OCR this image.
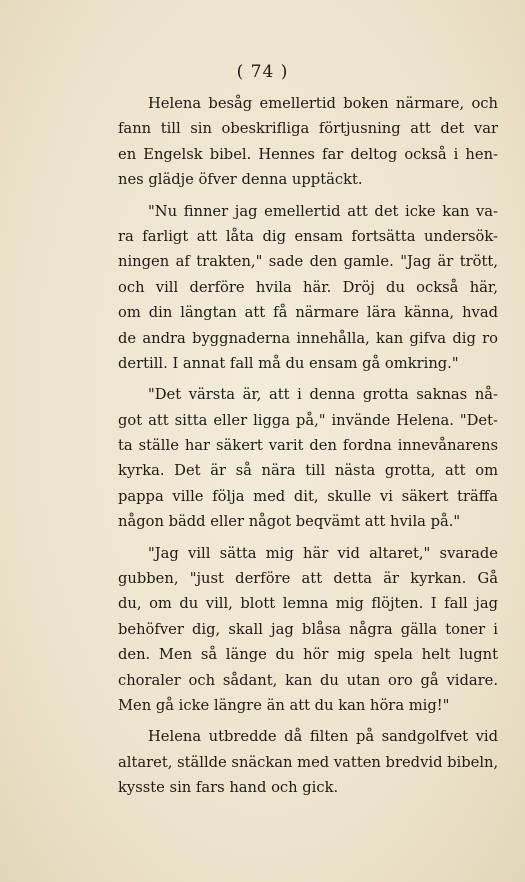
( 74 )
Helena besåg emellertid boken närmare, och
fann till sin obeskrifliga förtjusning att det var
en Engelsk bibel. Hennes far deltog också i hen-
nes glädje öfver denna upptäckt.
"Nu finner jag emellertid att det icke kan va-
ra farligt att låta dig ensam fortsätta undersök-
ningen af trakten," sade den gamle. "Jag är trött,
och vill derföre hvila här. Dröj du också här,
om din längtan att få närmare lära känna, hvad
de andra byggnaderna innehålla, kan gifva dig ro
dertill. I annat fall må du ensam gå omkring."
"Det värsta är, att i denna grotta saknas nå-
got att sitta eller ligga på," invände Helena. "Det-
ta ställe har säkert varit den fordna innevånarens
kyrka. Det är så nära till nästa grotta, att om
pappa ville följa med dit, skulle vi säkert träffa
någon bädd eller något beqvämt att hvila på."
"Jag vill sätta mig här vid altaret," svarade
gubben, "just derföre att detta är kyrkan. Gå
du, om du vill, blott lemna mig flöjten. I fall jag
behöfver dig, skall jag blåsa några gälla toner i
den. Men så länge du hör mig spela helt lugnt
choraler och sådant, kan du utan oro gå vidare.
Men gå icke längre än att du kan höra mig!"
Helena utbredde då filten på sandgolfvet vid
altaret, ställde snäckan med vatten bredvid bibeln,
kysste sin fars hand och gick.
